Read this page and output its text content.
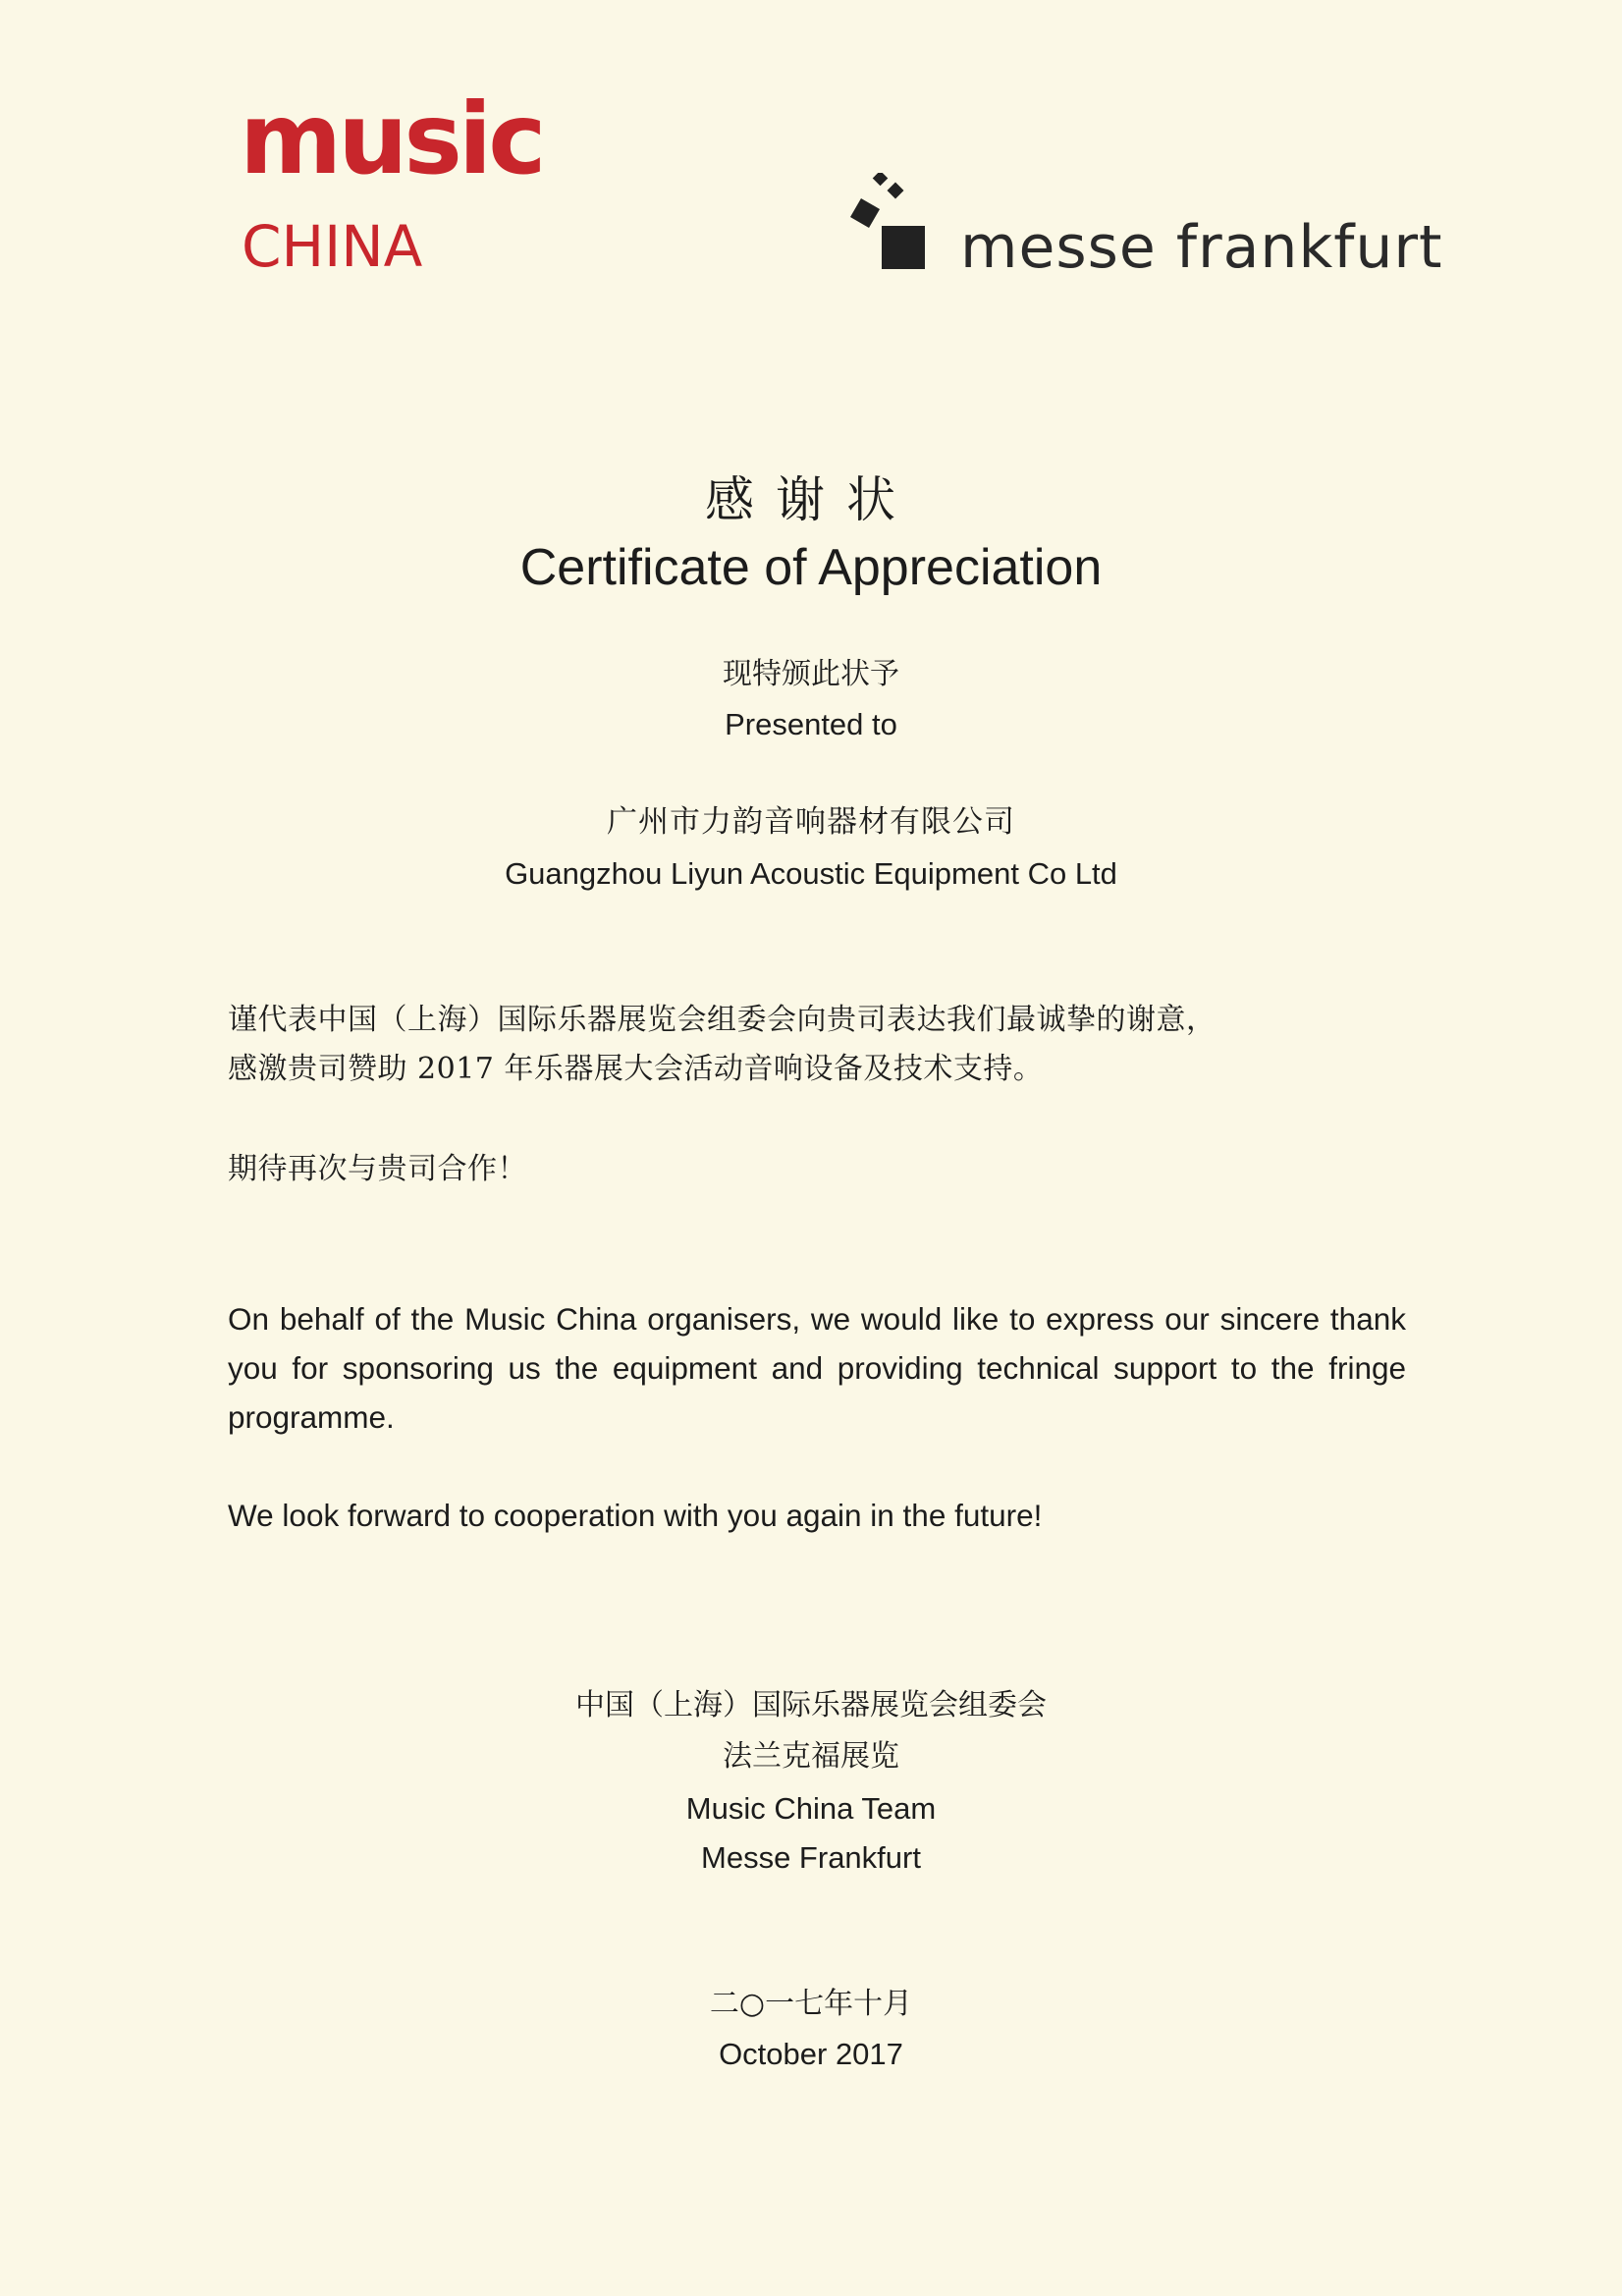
music
CHINA	messe frankfurt
感谢状
Certificate of Appreciation
现特颁此状予
Presented to
广州市力韵音响器材有限公司
Guangzhou Liyun Acoustic Equipment Co Ltd
谨代表中国（上海）国际乐器展览会组委会向贵司表达我们最诚挚的谢意，
感激贵司赞助 2017 年乐器展大会活动音响设备及技术支持。
期待再次与贵司合作！
On behalf of the Music China organisers, we would like to express our sincere thank you for sponsoring us the equipment and providing technical support to the fringe programme.
We look forward to cooperation with you again in the future!
中国（上海）国际乐器展览会组委会
法兰克福展览
Music China Team
Messe Frankfurt
二○一七年十月
October 2017
